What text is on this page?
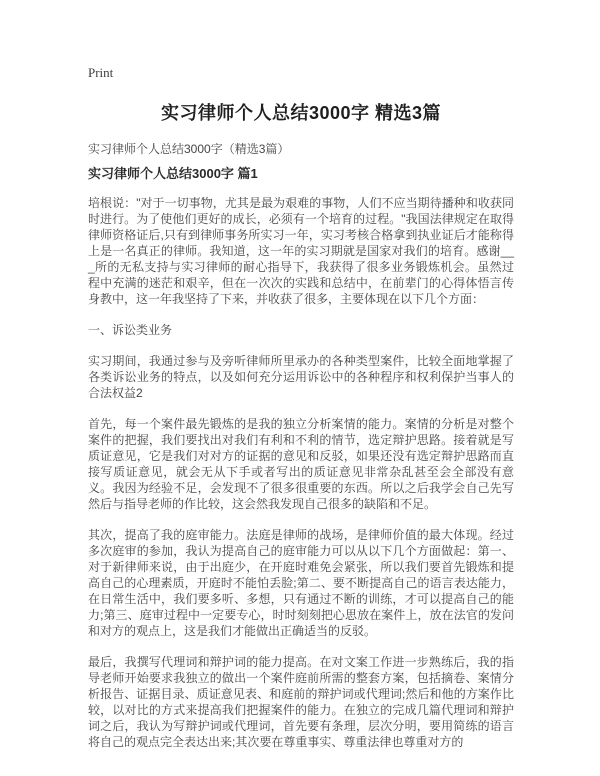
Print
实习律师个人总结3000字 精选3篇

实习律师个人总结3000字（精选3篇）

实习律师个人总结3000字 篇1

培根说："对于一切事物，尤其是最为艰难的事物，人们不应当期待播种和收获同时进行。为了使他们更好的成长，必须有一个培育的过程。"我国法律规定在取得律师资格证后,只有到律师事务所实习一年，实习考核合格拿到执业证后才能称得上是一名真正的律师。我知道，这一年的实习期就是国家对我们的培育。感谢___所的无私支持与实习律师的耐心指导下，我获得了很多业务锻炼机会。虽然过程中充满的迷茫和艰辛，但在一次次的实践和总结中，在前辈门的心得体悟言传身教中，这一年我坚持了下来，并收获了很多，主要体现在以下几个方面：

一、诉讼类业务

实习期间，我通过参与及旁听律师所里承办的各种类型案件，比较全面地掌握了各类诉讼业务的特点，以及如何充分运用诉讼中的各种程序和权利保护当事人的合法权益2

首先，每一个案件最先锻炼的是我的独立分析案情的能力。案情的分析是对整个案件的把握，我们要找出对我们有利和不利的情节，选定辩护思路。接着就是写质证意见，它是我们对对方的证据的意见和反驳，如果还没有选定辩护思路而直接写质证意见，就会无从下手或者写出的质证意见非常杂乱甚至会全部没有意义。我因为经验不足，会发现不了很多很重要的东西。所以之后我学会自己先写然后与指导老师的作比较，这会然我发现自己很多的缺陷和不足。

其次，提高了我的庭审能力。法庭是律师的战场，是律师价值的最大体现。经过多次庭审的参加，我认为提高自己的庭审能力可以从以下几个方面做起：第一、对于新律师来说，由于出庭少，在开庭时难免会紧张，所以我们要首先锻炼和提高自己的心理素质，开庭时不能怕丢脸;第二、要不断提高自己的语言表达能力，在日常生活中，我们要多听、多想，只有通过不断的训练，才可以提高自己的能力;第三、庭审过程中一定要专心，时时刻刻把心思放在案件上，放在法官的发问和对方的观点上，这是我们才能做出正确适当的反驳。

最后，我撰写代理词和辩护词的能力提高。在对文案工作进一步熟练后，我的指导老师开始要求我独立的做出一个案件庭前所需的整套方案，包括摘卷、案情分析报告、证据目录、质证意见表、和庭前的辩护词或代理词;然后和他的方案作比较，以对比的方式来提高我们把握案件的能力。在独立的完成几篇代理词和辩护词之后，我认为写辩护词或代理词，首先要有条理，层次分明，要用简练的语言将自己的观点完全表达出来;其次要在尊重事实、尊重法律也尊重对方的
